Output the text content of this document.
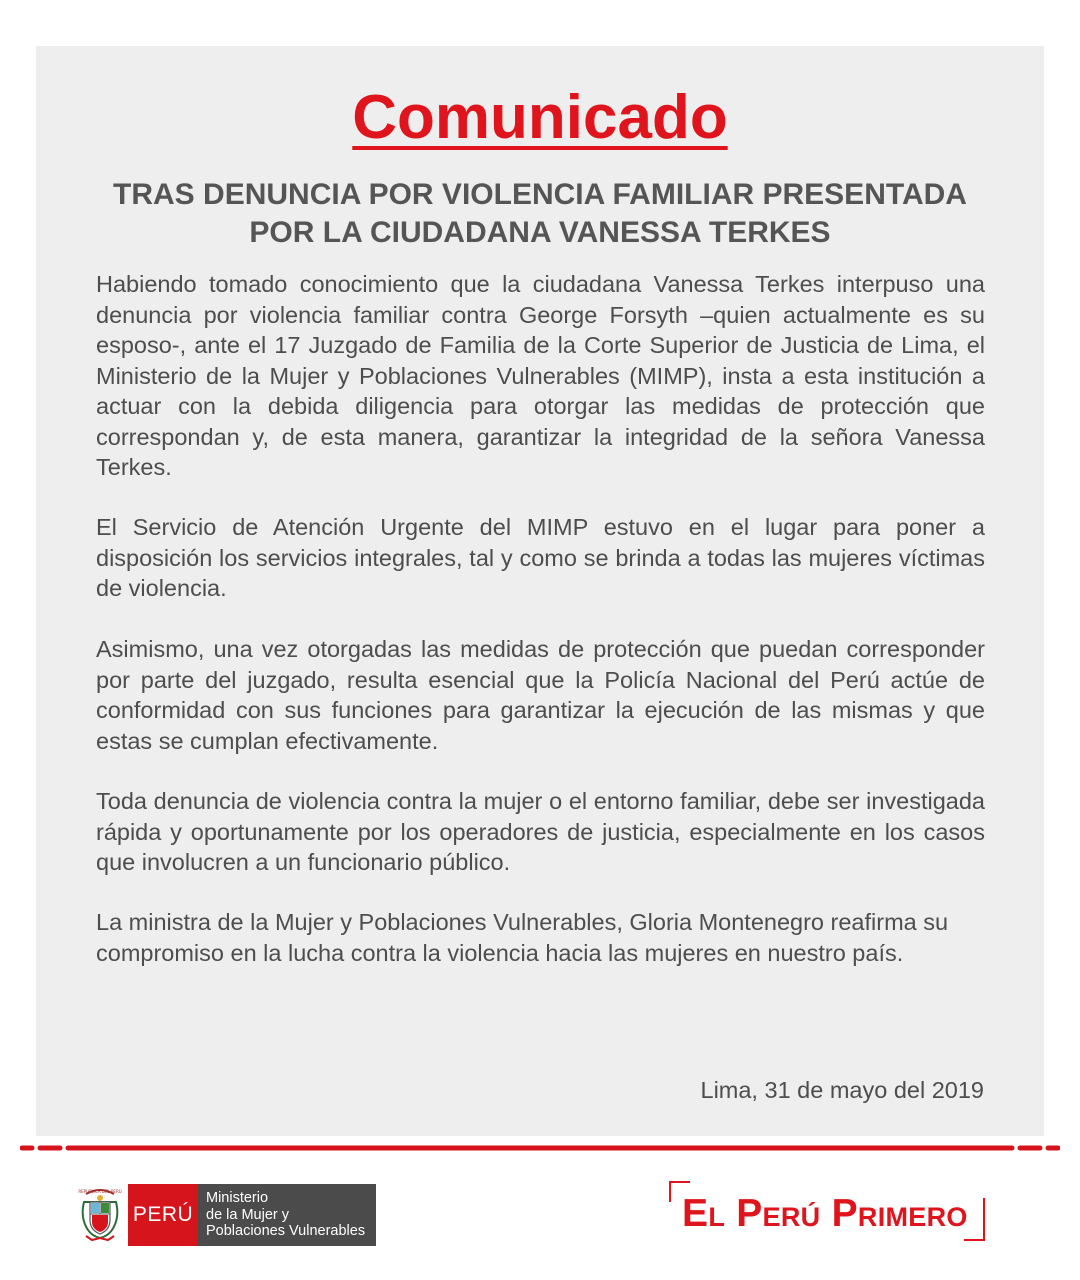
Comunicado
TRAS DENUNCIA POR VIOLENCIA FAMILIAR PRESENTADA
POR LA CIUDADANA VANESSA TERKES

Habiendo tomado conocimiento que la ciudadana Vanessa Terkes interpuso una denuncia por violencia familiar contra George Forsyth –quien actualmente es su esposo-, ante el 17 Juzgado de Familia de la Corte Superior de Justicia de Lima, el Ministerio de la Mujer y Poblaciones Vulnerables (MIMP), insta a esta institución a actuar con la debida diligencia para otorgar las medidas de protección que correspondan y, de esta manera, garantizar la integridad de la señora Vanessa Terkes.

El Servicio de Atención Urgente del MIMP estuvo en el lugar para poner a disposición los servicios integrales, tal y como se brinda a todas las mujeres víctimas de violencia.

Asimismo, una vez otorgadas las medidas de protección que puedan corresponder por parte del juzgado, resulta esencial que la Policía Nacional del Perú actúe de conformidad con sus funciones para garantizar la ejecución de las mismas y que estas se cumplan efectivamente.

Toda denuncia de violencia contra la mujer o el entorno familiar, debe ser investigada rápida y oportunamente por los operadores de justicia, especialmente en los casos que involucren a un funcionario público.

La ministra de la Mujer y Poblaciones Vulnerables, Gloria Montenegro reafirma su compromiso en la lucha contra la violencia hacia las mujeres en nuestro país.

Lima, 31 de mayo del 2019
REPÚBLICA DEL PERÚ
PERÚ
Ministerio
de la Mujer y
Poblaciones Vulnerables	El Perú Primero
